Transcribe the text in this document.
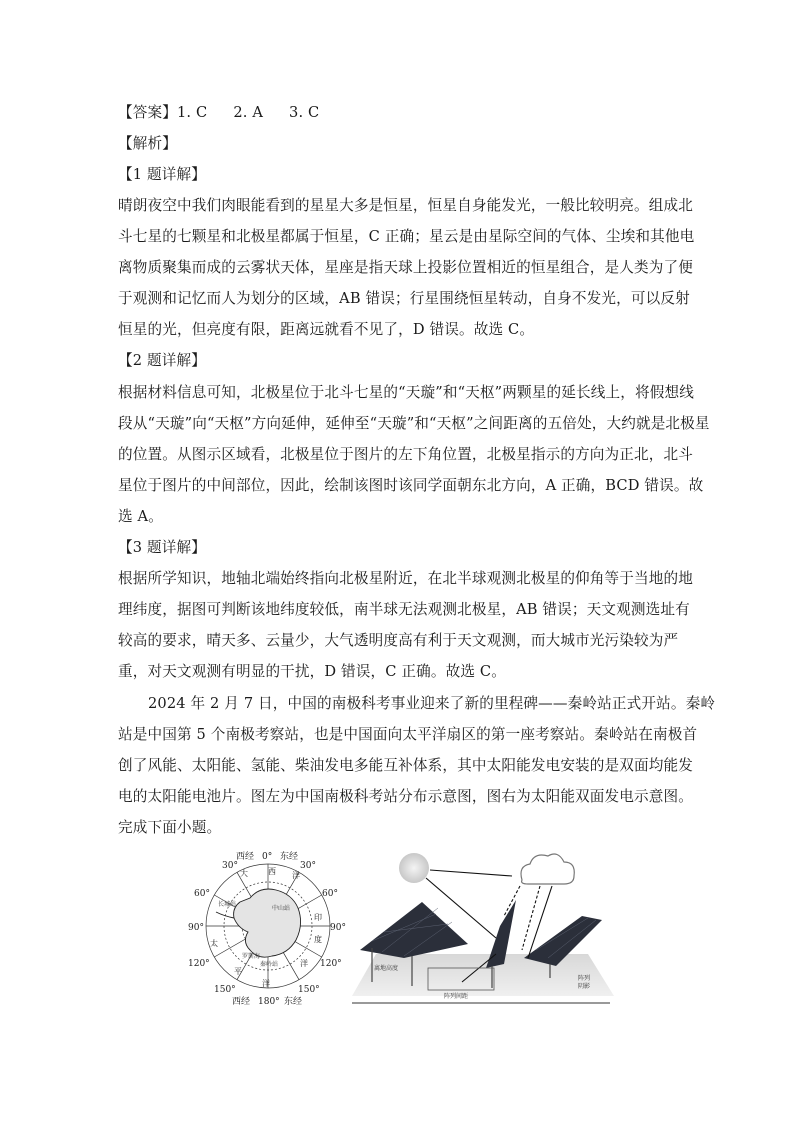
【答案】1. C 2. A 3. C
【解析】
【1 题详解】
晴朗夜空中我们肉眼能看到的星星大多是恒星，恒星自身能发光，一般比较明亮。组成北
斗七星的七颗星和北极星都属于恒星，C 正确；星云是由星际空间的气体、尘埃和其他电
离物质聚集而成的云雾状天体，星座是指天球上投影位置相近的恒星组合，是人类为了便
于观测和记忆而人为划分的区域，AB 错误；行星围绕恒星转动，自身不发光，可以反射
恒星的光，但亮度有限，距离远就看不见了，D 错误。故选 C。
【2 题详解】
根据材料信息可知，北极星位于北斗七星的“天璇”和“天枢”两颗星的延长线上，将假想线
段从“天璇”向“天枢”方向延伸，延伸至“天璇”和“天枢”之间距离的五倍处，大约就是北极星
的位置。从图示区域看，北极星位于图片的左下角位置，北极星指示的方向为正北，北斗
星位于图片的中间部位，因此，绘制该图时该同学面朝东北方向，A 正确，BCD 错误。故
选 A。
【3 题详解】
根据所学知识，地轴北端始终指向北极星附近，在北半球观测北极星的仰角等于当地的地
理纬度，据图可判断该地纬度较低，南半球无法观测北极星，AB 错误；天文观测选址有
较高的要求，晴天多、云量少，大气透明度高有利于天文观测，而大城市光污染较为严
重，对天文观测有明显的干扰，D 错误，C 正确。故选 C。
2024 年 2 月 7 日，中国的南极科考事业迎来了新的里程碑——秦岭站正式开站。秦岭
站是中国第 5 个南极考察站，也是中国面向太平洋扇区的第一座考察站。秦岭站在南极首
创了风能、太阳能、氢能、柴油发电多能互补体系，其中太阳能发电安装的是双面均能发
电的太阳能电池片。图左为中国南极科考站分布示意图，图右为太阳能双面发电示意图。
完成下面小题。
西经 0° 东经
西经 180° 东经
30°	30°
60°	60°
90°	90°
120°	120°
150°	150°
大	西 洋
印
度
洋
太
平
洋
秦岭站
罗斯海
中山站
长城站
离地高度
阵列间距
阵列
阴影
